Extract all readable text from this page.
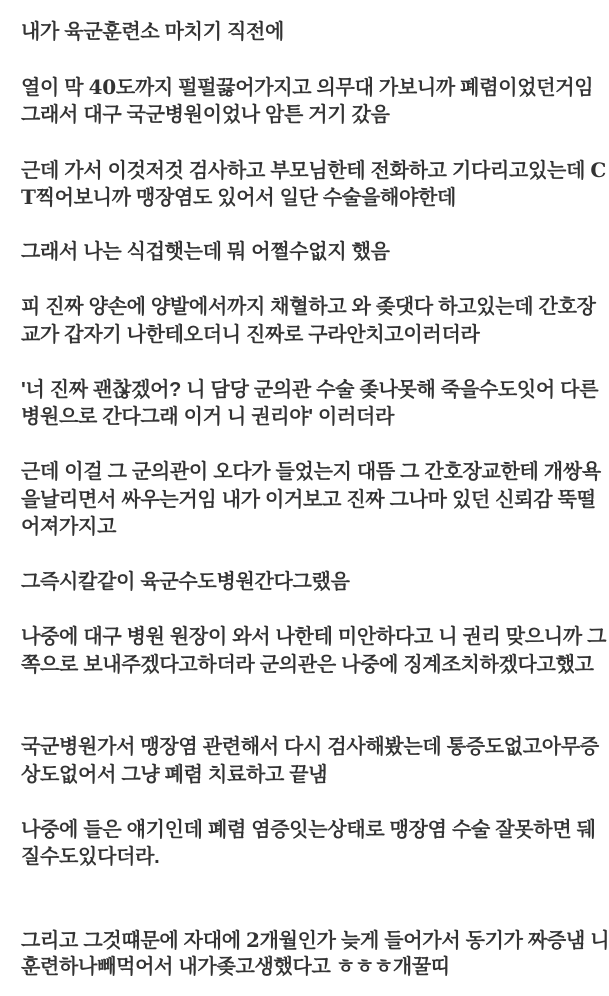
내가 육군훈련소 마치기 직전에

열이 막 40도까지 펄펄끓어가지고 의무대 가보니까 폐렴이었던거임
그래서 대구 국군병원이었나 암튼 거기 갔음

근데 가서 이것저것 검사하고 부모님한테 전화하고 기다리고있는데 C
T찍어보니까 맹장염도 있어서 일단 수술을해야한데

그래서 나는 식겁햇는데 뭐 어쩔수없지 했음

피 진짜 양손에 양발에서까지 채혈하고 와 좆댓다 하고있는데 간호장
교가 갑자기 나한테오더니 진짜로 구라안치고이러더라

'너 진짜 괜찮겠어? 니 담당 군의관 수술 좆나못해 죽을수도잇어 다른
병원으로 간다그래 이거 니 권리야' 이러더라

근데 이걸 그 군의관이 오다가 들었는지 대뜸 그 간호장교한테 개쌍욕
을날리면서 싸우는거임 내가 이거보고 진짜 그나마 있던 신뢰감 뚝떨
어져가지고

그즉시칼같이 육군수도병원간다그랬음

나중에 대구 병원 원장이 와서 나한테 미안하다고 니 권리 맞으니까 그
쪽으로 보내주겠다고하더라 군의관은 나중에 징계조치하겠다고했고

국군병원가서 맹장염 관련해서 다시 검사해봤는데 통증도없고아무증
상도없어서 그냥 폐렴 치료하고 끝냄

나중에 들은 얘기인데 폐렴 염증잇는상태로 맹장염 수술 잘못하면 뒈
질수도있다더라.

그리고 그것떄문에 자대에 2개월인가 늦게 들어가서 동기가 짜증냄 니
훈련하나빼먹어서 내가좆고생했다고 ㅎㅎㅎ개꿀띠
